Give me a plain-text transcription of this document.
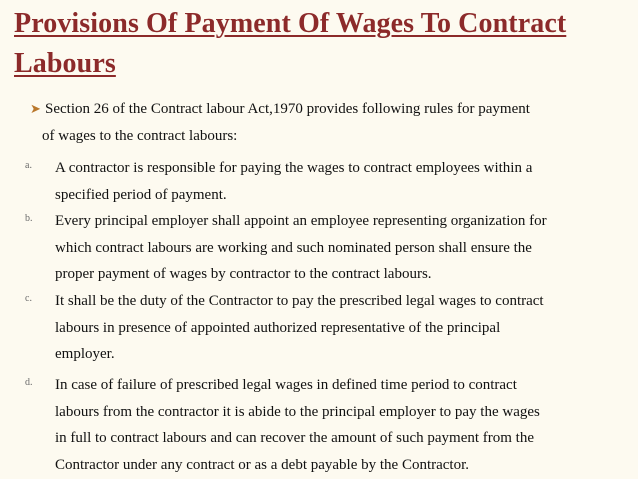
Provisions Of Payment Of Wages To Contract
Labours
➤ Section 26 of the Contract labour Act,1970 provides following rules for payment
of wages to the contract labours:
a. A contractor is responsible for paying the wages to contract employees within a
specified period of payment.
b. Every principal employer shall appoint an employee representing organization for
which contract labours are working and such nominated person shall ensure the
proper payment of wages by contractor to the contract labours.
c. It shall be the duty of the Contractor to pay the prescribed legal wages to contract
labours in presence of appointed authorized representative of the principal
employer.
d. In case of failure of prescribed legal wages in defined time period to contract
labours from the contractor it is abide to the principal employer to pay the wages
in full to contract labours and can recover the amount of such payment from the
Contractor under any contract or as a debt payable by the Contractor.
